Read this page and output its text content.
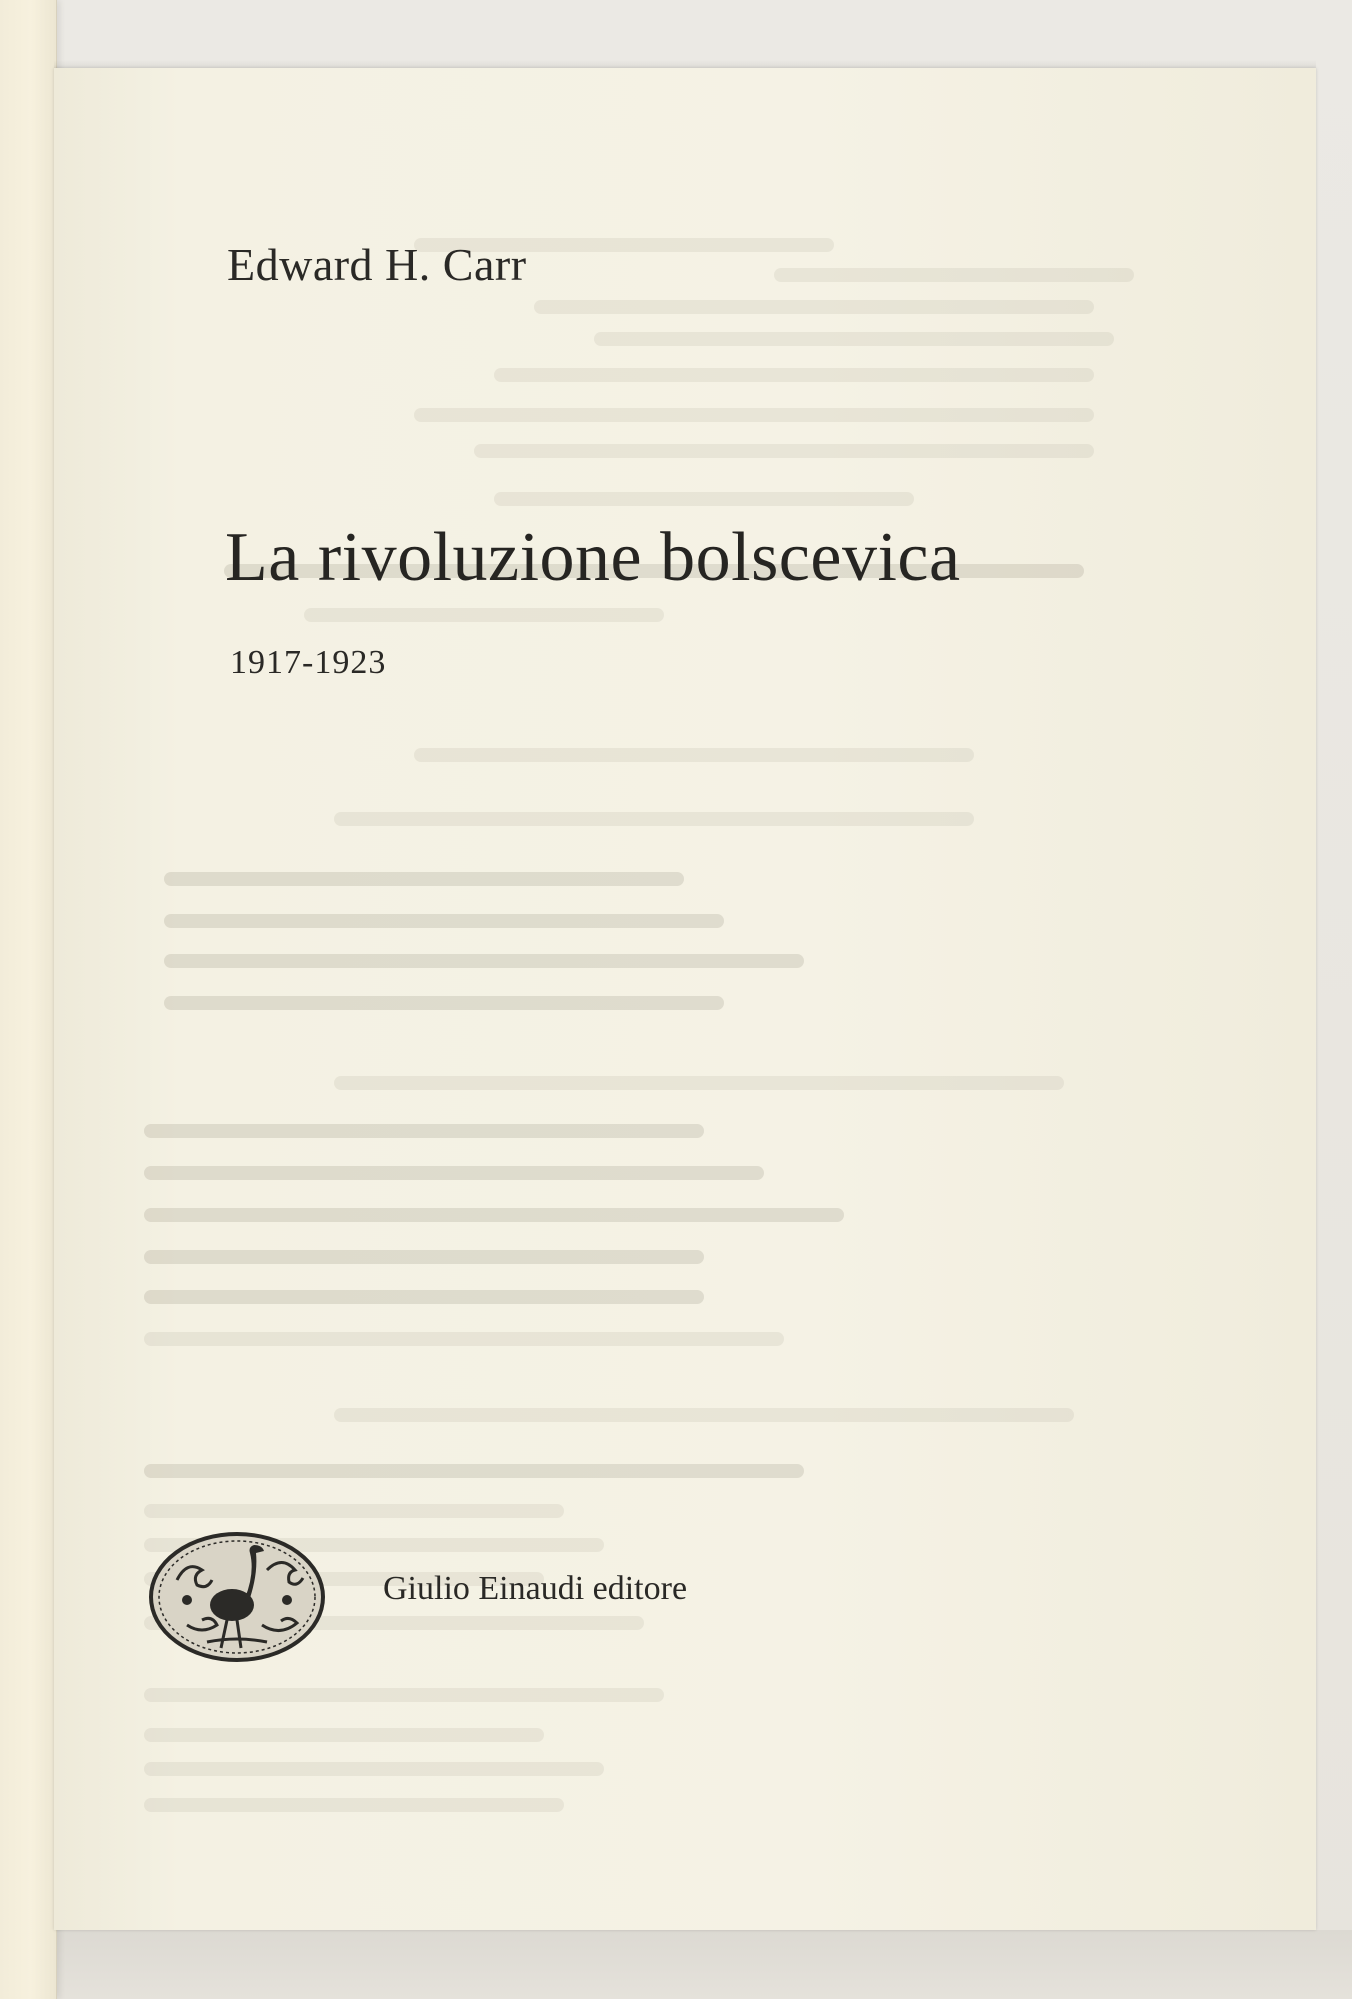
Edward H. Carr
La rivoluzione bolscevica
1917-1923
Giulio Einaudi editore
